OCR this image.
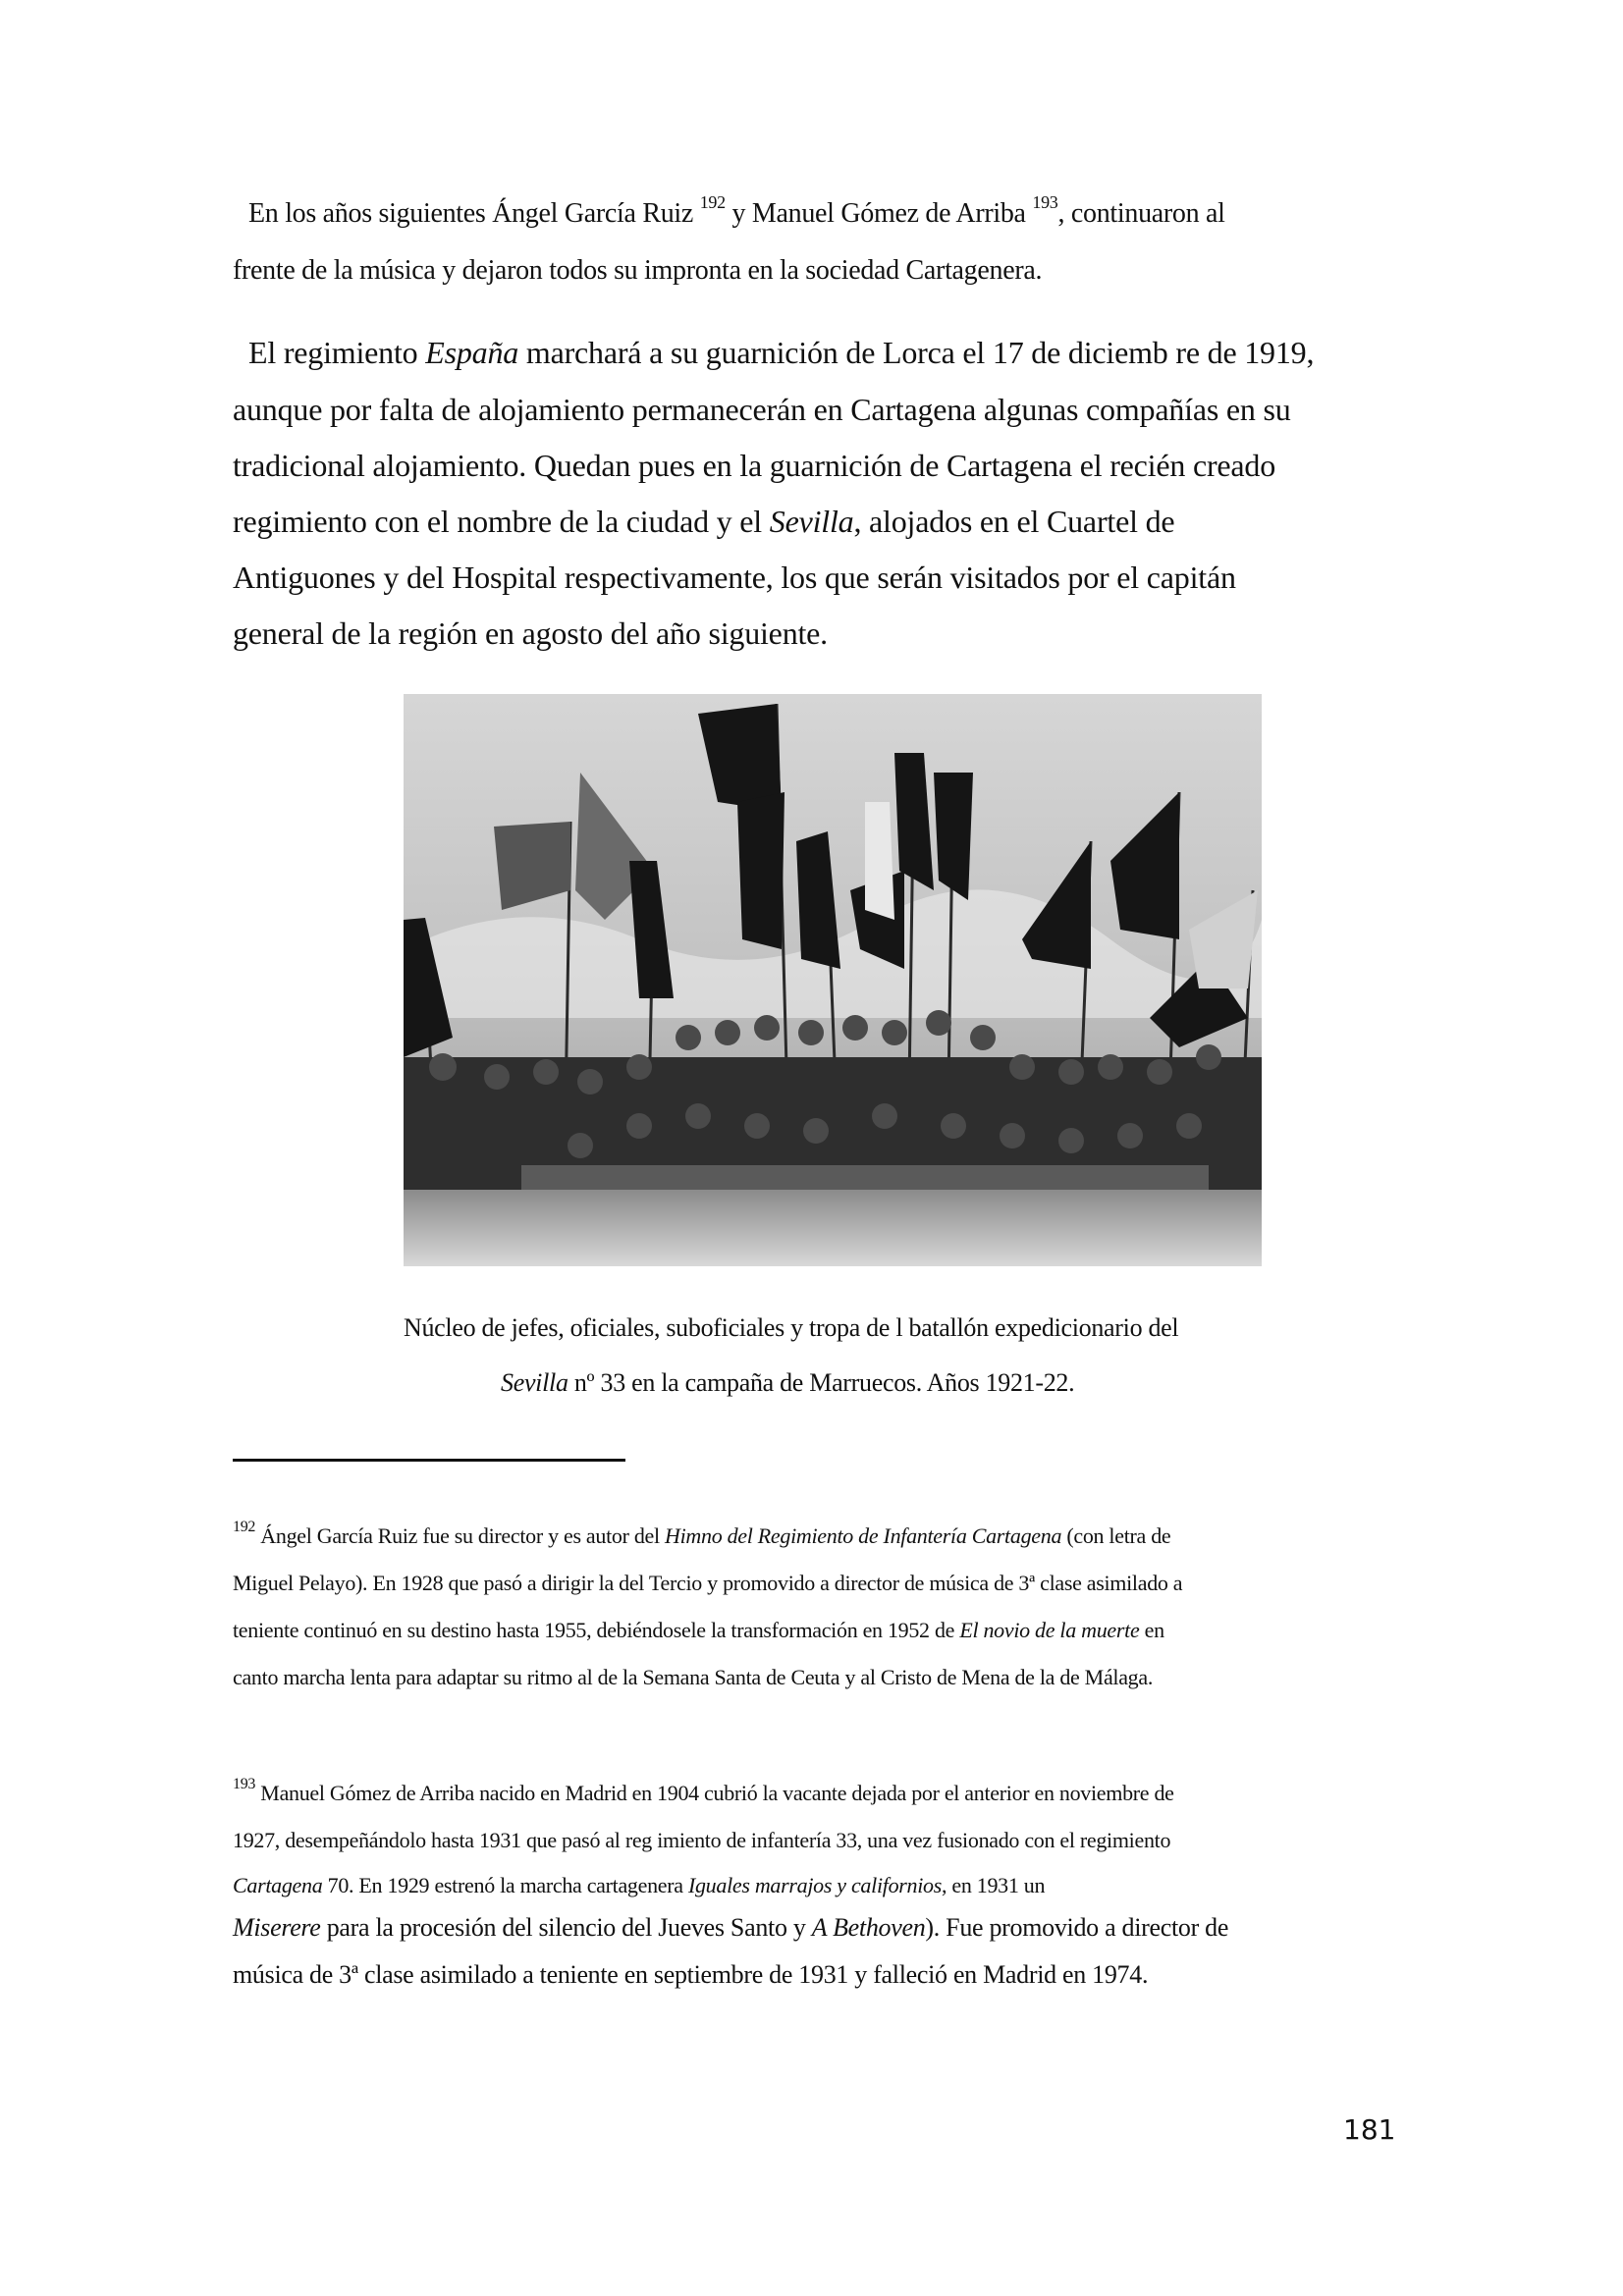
En los años siguientes Ángel García Ruiz $^{192}$ y Manuel Gómez de Arriba $^{193}$, continuaron al
frente de la música y dejaron todos su impronta en la sociedad Cartagenera.
El regimiento España marchará a su guarnición de Lorca el 17 de diciemb re de 1919,
aunque por falta de alojamiento permanecerán en Cartagena algunas compañías en su
tradicional alojamiento. Quedan pues en la guarnición de Cartagena el recién creado
regimiento con el nombre de la ciudad y el Sevilla, alojados en el Cuartel de
Antiguones y del Hospital respectivamente, los que serán visitados por el capitán
general de la región en agosto del año siguiente.
Núcleo de jefes, oficiales, suboficiales y tropa de l batallón expedicionario del
Sevilla nº 33 en la campaña de Marruecos. Años 1921-22.
$^{192}$ Ángel García Ruiz fue su director y es autor del Himno del Regimiento de Infantería Cartagena (con letra de
Miguel Pelayo). En 1928 que pasó a dirigir la del Tercio y promovido a director de música de 3ª clase asimilado a
teniente continuó en su destino hasta 1955, debiéndosele la transformación en 1952 de El novio de la muerte en
canto marcha lenta para adaptar su ritmo al de la Semana Santa de Ceuta y al Cristo de Mena de la de Málaga.
$^{193}$ Manuel Gómez de Arriba nacido en Madrid en 1904 cubrió la vacante dejada por el anterior en noviembre de
1927, desempeñándolo hasta 1931 que pasó al reg imiento de infantería 33, una vez fusionado con el regimiento
Cartagena 70. En 1929 estrenó la marcha cartagenera Iguales marrajos y californios, en 1931 un
Miserere para la procesión del silencio del Jueves Santo y A Bethoven). Fue promovido a director de
música de 3ª clase asimilado a teniente en septiembre de 1931 y falleció en Madrid en 1974.
181
